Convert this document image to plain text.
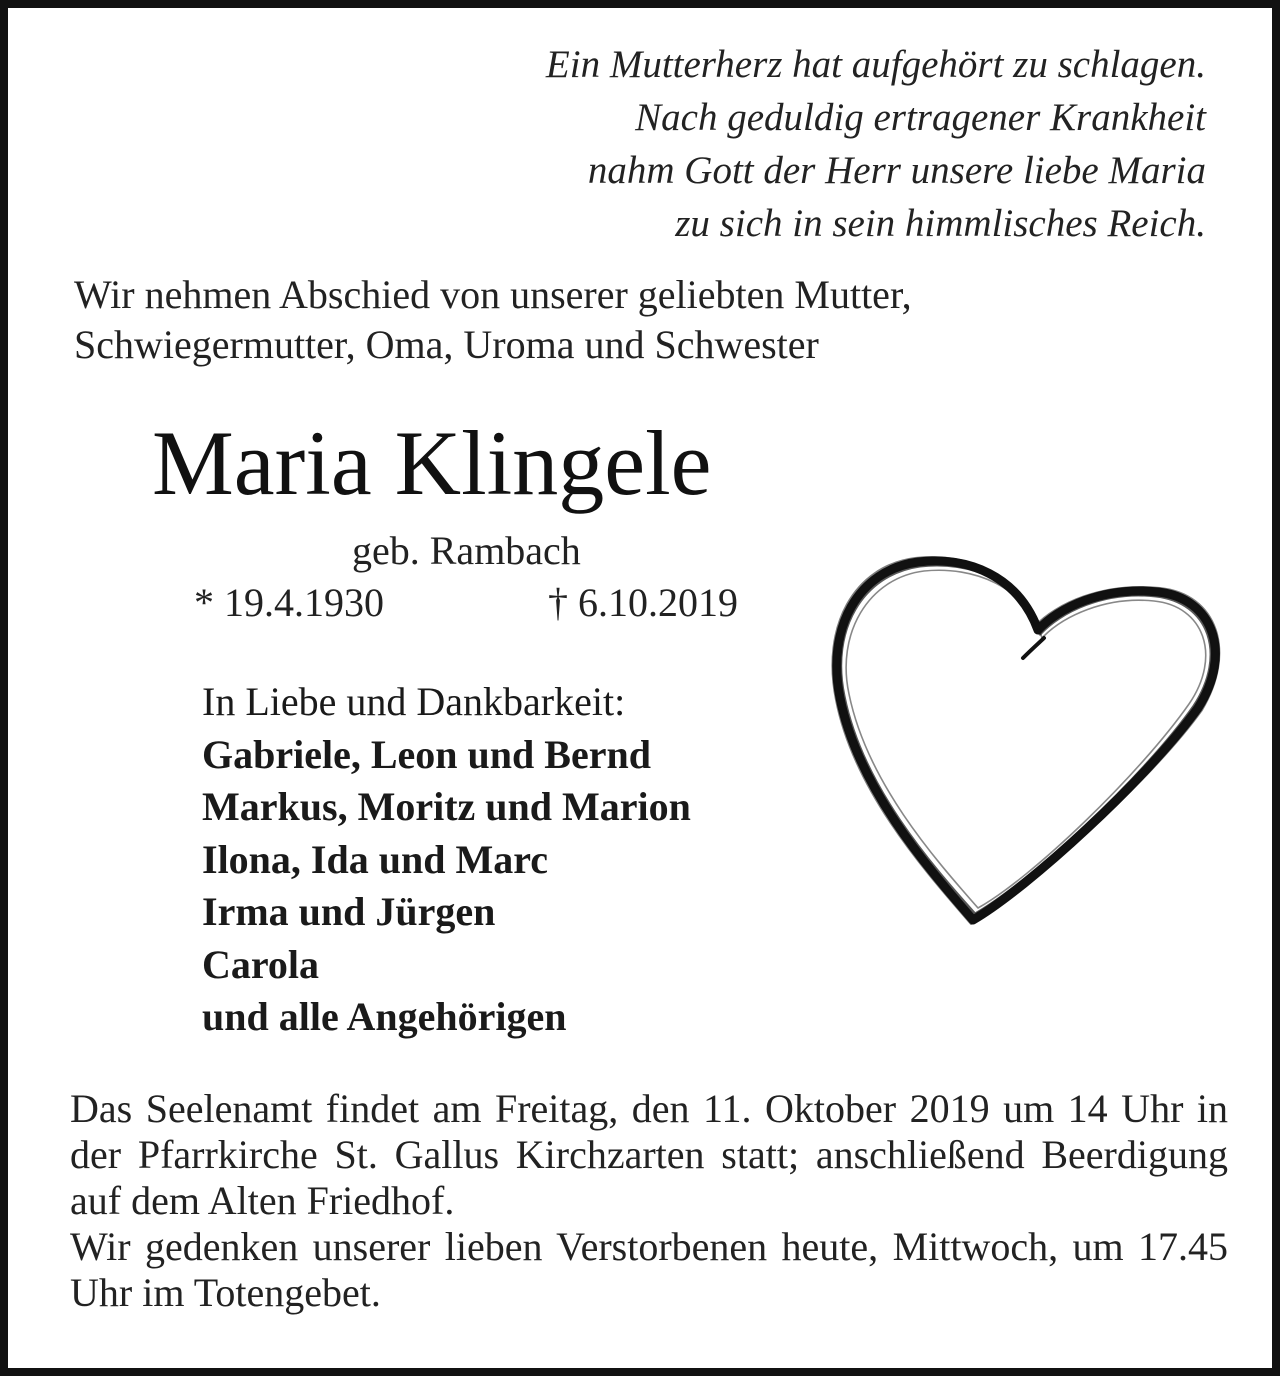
Ein Mutterherz hat aufgehört zu schlagen.
Nach geduldig ertragener Krankheit
nahm Gott der Herr unsere liebe Maria
zu sich in sein himmlisches Reich.
Wir nehmen Abschied von unserer geliebten Mutter,
Schwiegermutter, Oma, Uroma und Schwester
Maria Klingele
geb. Rambach
* 19.4.1930	† 6.10.2019
In Liebe und Dankbarkeit:
Gabriele, Leon und Bernd
Markus, Moritz und Marion
Ilona, Ida und Marc
Irma und Jürgen
Carola
und alle Angehörigen

Das Seelenamt findet am Freitag, den 11. Oktober 2019 um 14 Uhr in der Pfarrkirche St. Gallus Kirchzarten statt; anschließend Beerdigung auf dem Alten Friedhof.

Wir gedenken unserer lieben Verstorbenen heute, Mittwoch, um 17.45 Uhr im Totengebet.
